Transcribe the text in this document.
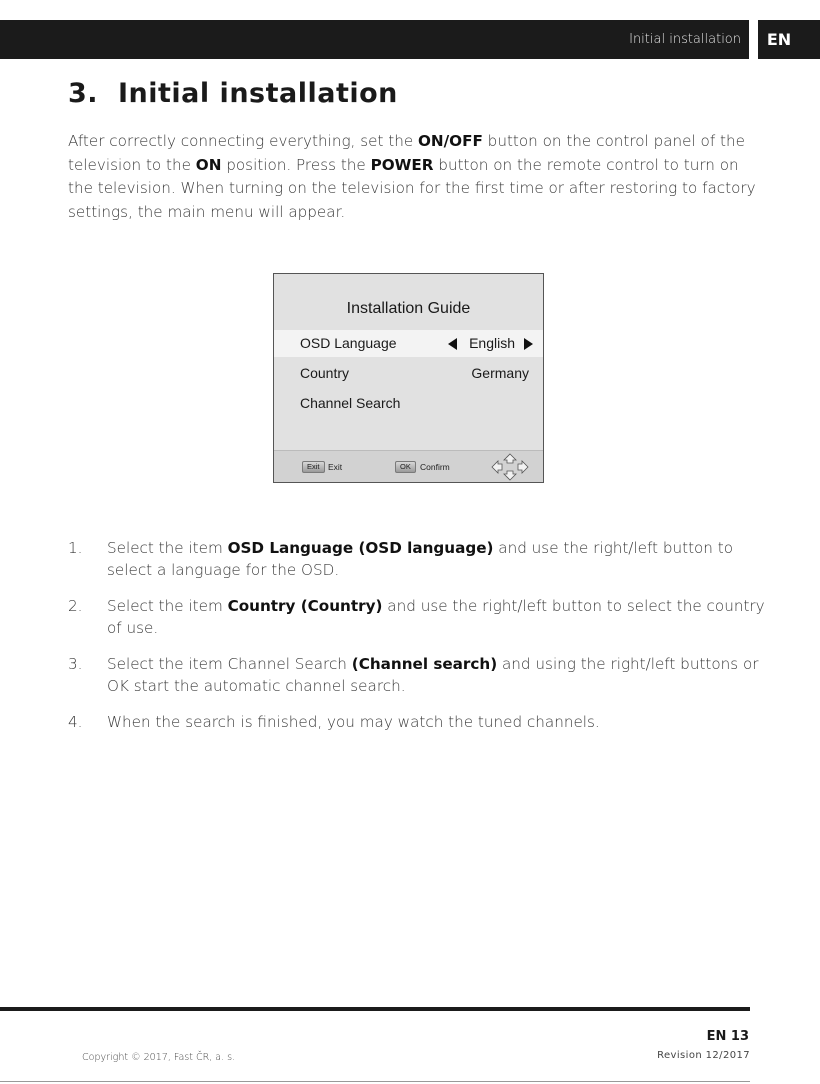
Initial installation	EN
3. Initial installation

After correctly connecting everything, set the ON/OFF button on the control panel of the television to the ON position. Press the POWER button on the remote control to turn on the television. When turning on the television for the first time or after restoring to factory settings, the main menu will appear.

Installation Guide
OSD Language	English
Country	Germany
Channel Search
Exit Exit	OK	Confirm
1. Select the item OSD Language (OSD language) and use the right/left button to select a language for the OSD.
2. Select the item Country (Country) and use the right/left button to select the country of use.
3. Select the item Channel Search (Channel search) and using the right/left buttons or OK start the automatic channel search.
4. When the search is finished, you may watch the tuned channels.
EN 13
Copyright © 2017, Fast ČR, a. s.	Revision 12/2017
